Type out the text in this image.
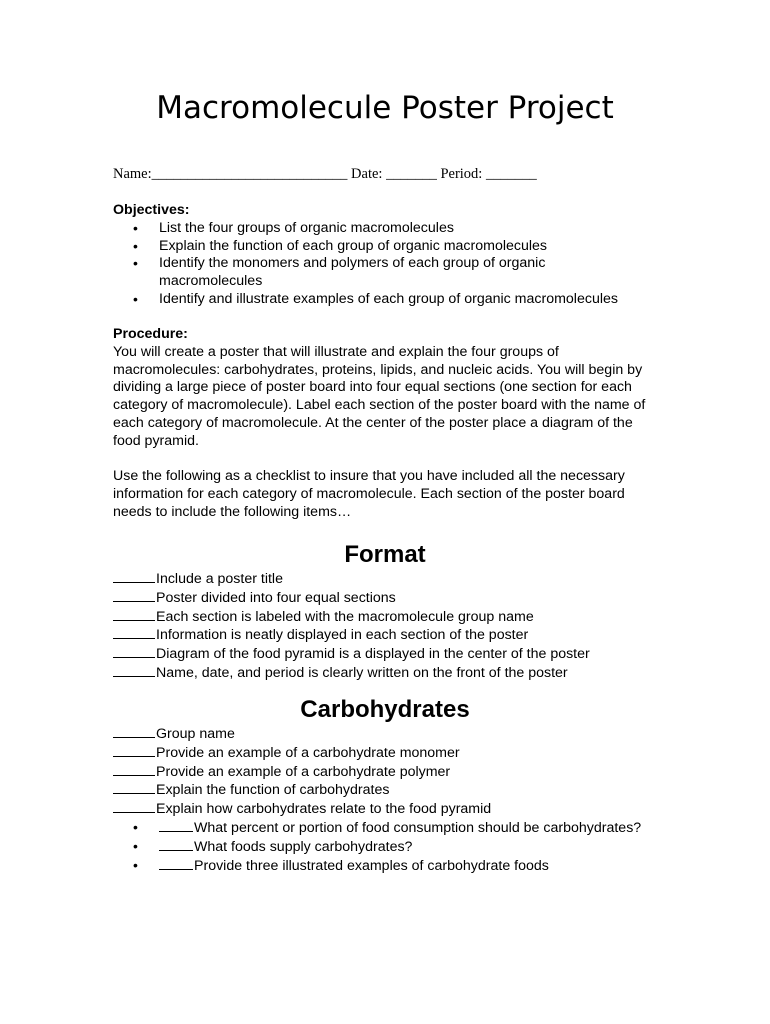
Macromolecule Poster Project
Name:___________________________ Date: _______ Period: _______
Objectives:
• List the four groups of organic macromolecules
• Explain the function of each group of organic macromolecules
• Identify the monomers and polymers of each group of organic macromolecules
• Identify and illustrate examples of each group of organic macromolecules
Procedure:

You will create a poster that will illustrate and explain the four groups of macromolecules: carbohydrates, proteins, lipids, and nucleic acids. You will begin by dividing a large piece of poster board into four equal sections (one section for each category of macromolecule). Label each section of the poster board with the name of each category of macromolecule. At the center of the poster place a diagram of the food pyramid.

Use the following as a checklist to insure that you have included all the necessary information for each category of macromolecule. Each section of the poster board needs to include the following items…

Format
Include a poster title
Poster divided into four equal sections
Each section is labeled with the macromolecule group name
Information is neatly displayed in each section of the poster
Diagram of the food pyramid is a displayed in the center of the poster
Name, date, and period is clearly written on the front of the poster
Carbohydrates
Group name
Provide an example of a carbohydrate monomer
Provide an example of a carbohydrate polymer
Explain the function of carbohydrates
Explain how carbohydrates relate to the food pyramid
•	What percent or portion of food consumption should be carbohydrates?
•	What foods supply carbohydrates?
•	Provide three illustrated examples of carbohydrate foods
